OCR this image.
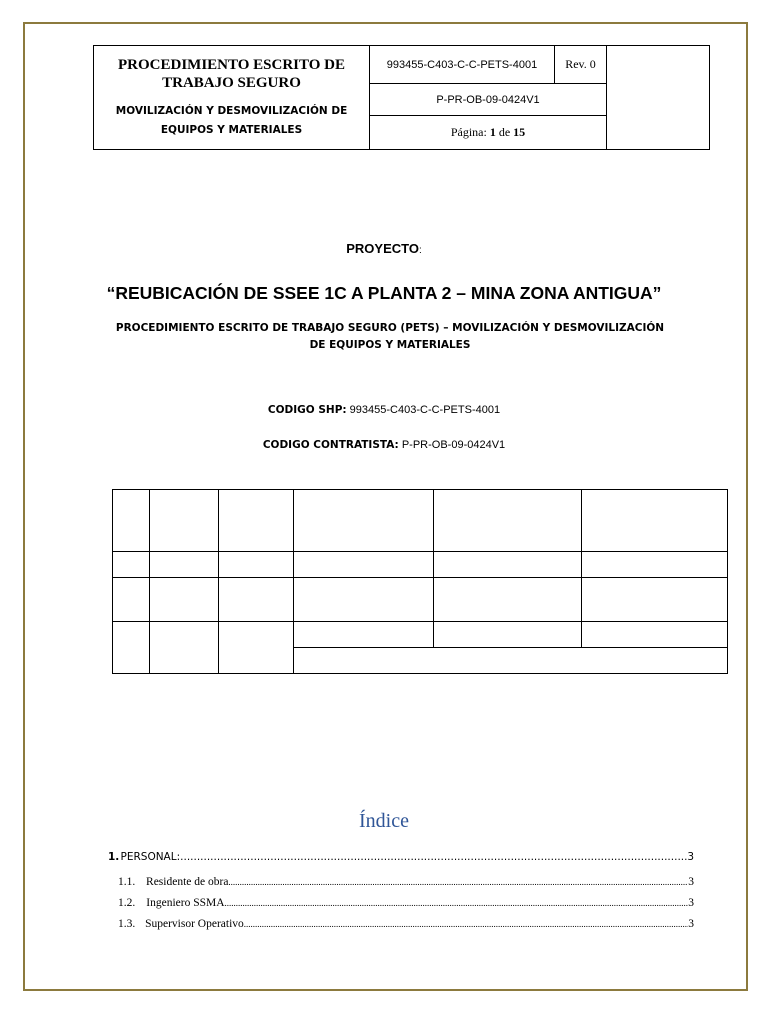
PROCEDIMIENTO ESCRITO DE TRABAJO SEGURO
MOVILIZACIÓN Y DESMOVILIZACIÓN DE EQUIPOS Y MATERIALES
	993455-C403-C-C-PETS-4001	Rev. 0	
P-PR-OB-09-0424V1
Página: 1 de 15
PROYECTO:
“REUBICACIÓN DE SSEE 1C A PLANTA 2 – MINA ZONA ANTIGUA”
PROCEDIMIENTO ESCRITO DE TRABAJO SEGURO (PETS) – MOVILIZACIÓN Y DESMOVILIZACIÓN DE EQUIPOS Y MATERIALES
CODIGO SHP: 993455-C403-C-C-PETS-4001
CODIGO CONTRATISTA: P-PR-OB-09-0424V1

Índice
1. PERSONAL: .....	3
1.1. Residente de obra .....	3
1.2. Ingeniero SSMA .....	3
1.3. Supervisor Operativo .....	3
